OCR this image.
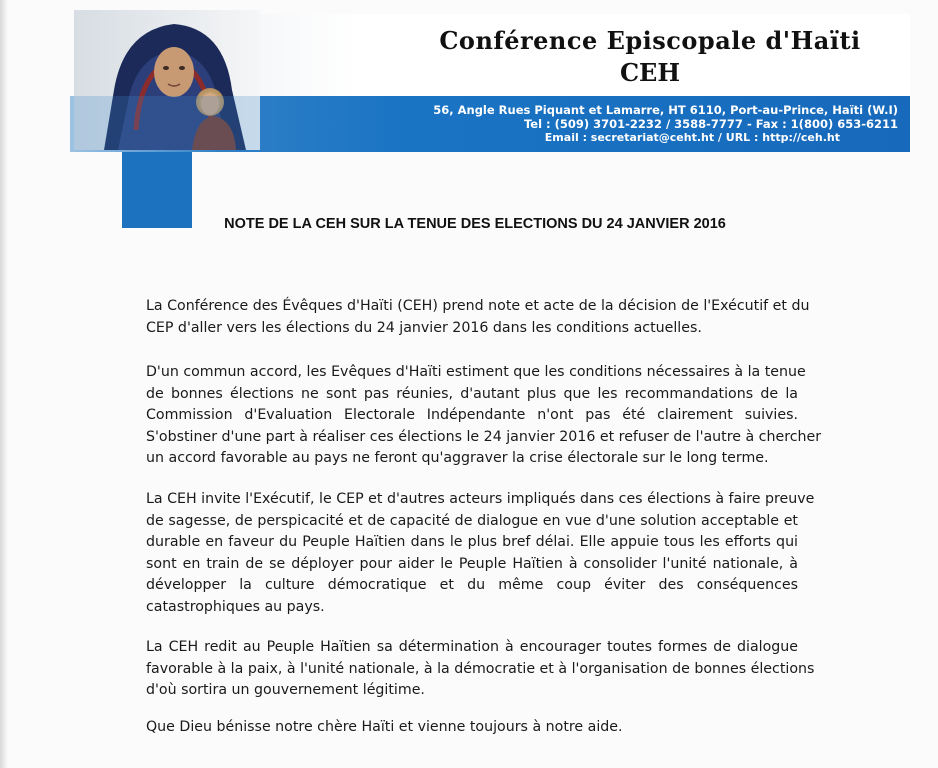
Conférence Episcopale d'Haïti
CEH
56, Angle Rues Piquant et Lamarre, HT 6110, Port-au-Prince, Haïti (W.I)
Tel : (509) 3701-2232 / 3588-7777 - Fax : 1(800) 653-6211
Email : secretariat@ceht.ht / URL : http://ceh.ht
NOTE DE LA CEH SUR LA TENUE DES ELECTIONS DU 24 JANVIER 2016
La Conférence des Évêques d'Haïti (CEH) prend note et acte de la décision de l'Exécutif et du
CEP d'aller vers les élections du 24 janvier 2016 dans les conditions actuelles.
D'un commun accord, les Evêques d'Haïti estiment que les conditions nécessaires à la tenue
de bonnes élections ne sont pas réunies, d'autant plus que les recommandations de la
Commission d'Evaluation Electorale Indépendante n'ont pas été clairement suivies.
S'obstiner d'une part à réaliser ces élections le 24 janvier 2016 et refuser de l'autre à chercher
un accord favorable au pays ne feront qu'aggraver la crise électorale sur le long terme.
La CEH invite l'Exécutif, le CEP et d'autres acteurs impliqués dans ces élections à faire preuve
de sagesse, de perspicacité et de capacité de dialogue en vue d'une solution acceptable et
durable en faveur du Peuple Haïtien dans le plus bref délai. Elle appuie tous les efforts qui
sont en train de se déployer pour aider le Peuple Haïtien à consolider l'unité nationale, à
développer la culture démocratique et du même coup éviter des conséquences
catastrophiques au pays.
La CEH redit au Peuple Haïtien sa détermination à encourager toutes formes de dialogue
favorable à la paix, à l'unité nationale, à la démocratie et à l'organisation de bonnes élections
d'où sortira un gouvernement légitime.
Que Dieu bénisse notre chère Haïti et vienne toujours à notre aide.
